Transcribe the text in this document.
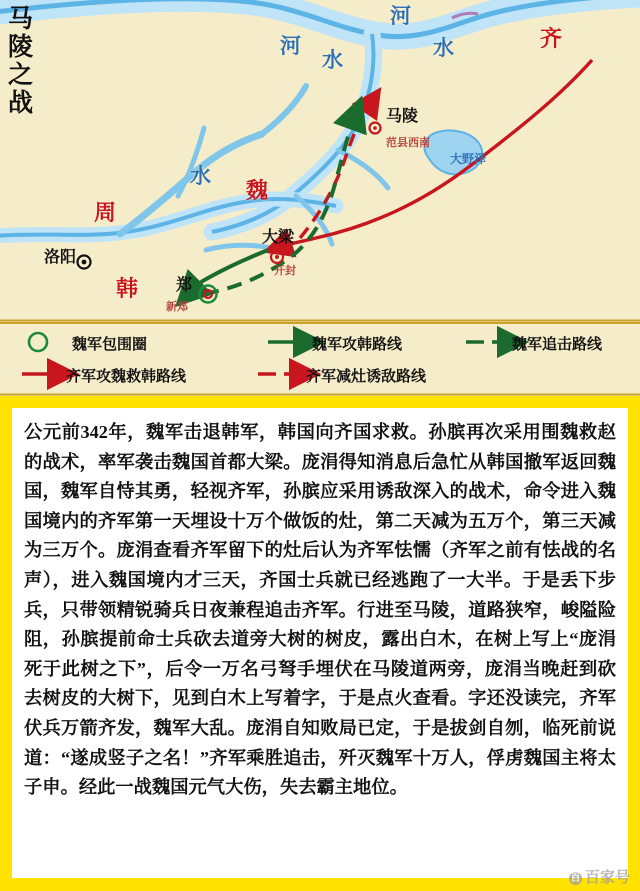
马
陵
之
战
齐
魏
周
韩
河
水
河
水
水
大野泽
马陵
范县西南
大梁
开封
郑
新郑
洛阳
魏军包围圈	魏军攻韩路线	魏军追击路线
齐军攻魏救韩路线	齐军减灶诱敌路线

公元前342年，魏军击退韩军，韩国向齐国求救。孙膑再次采用围魏救赵的战术，率军袭击魏国首都大梁。庞涓得知消息后急忙从韩国撤军返回魏国，魏军自恃其勇，轻视齐军，孙膑应采用诱敌深入的战术，命令进入魏国境内的齐军第一天埋设十万个做饭的灶，第二天减为五万个，第三天减为三万个。庞涓查看齐军留下的灶后认为齐军怯懦（齐军之前有怯战的名声），进入魏国境内才三天，齐国士兵就已经逃跑了一大半。于是丢下步兵，只带领精锐骑兵日夜兼程追击齐军。行进至马陵，道路狭窄，峻隘险阻，孙膑提前命士兵砍去道旁大树的树皮，露出白木，在树上写上“庞涓死于此树之下”，后令一万名弓弩手埋伏在马陵道两旁，庞涓当晚赶到砍去树皮的大树下，见到白木上写着字，于是点火查看。字还没读完，齐军伏兵万箭齐发，魏军大乱。庞涓自知败局已定，于是拔剑自刎，临死前说道：“遂成竖子之名！”齐军乘胜追击，歼灭魏军十万人，俘虏魏国主将太子申。经此一战魏国元气大伤，失去霸主地位。

百 百家号
